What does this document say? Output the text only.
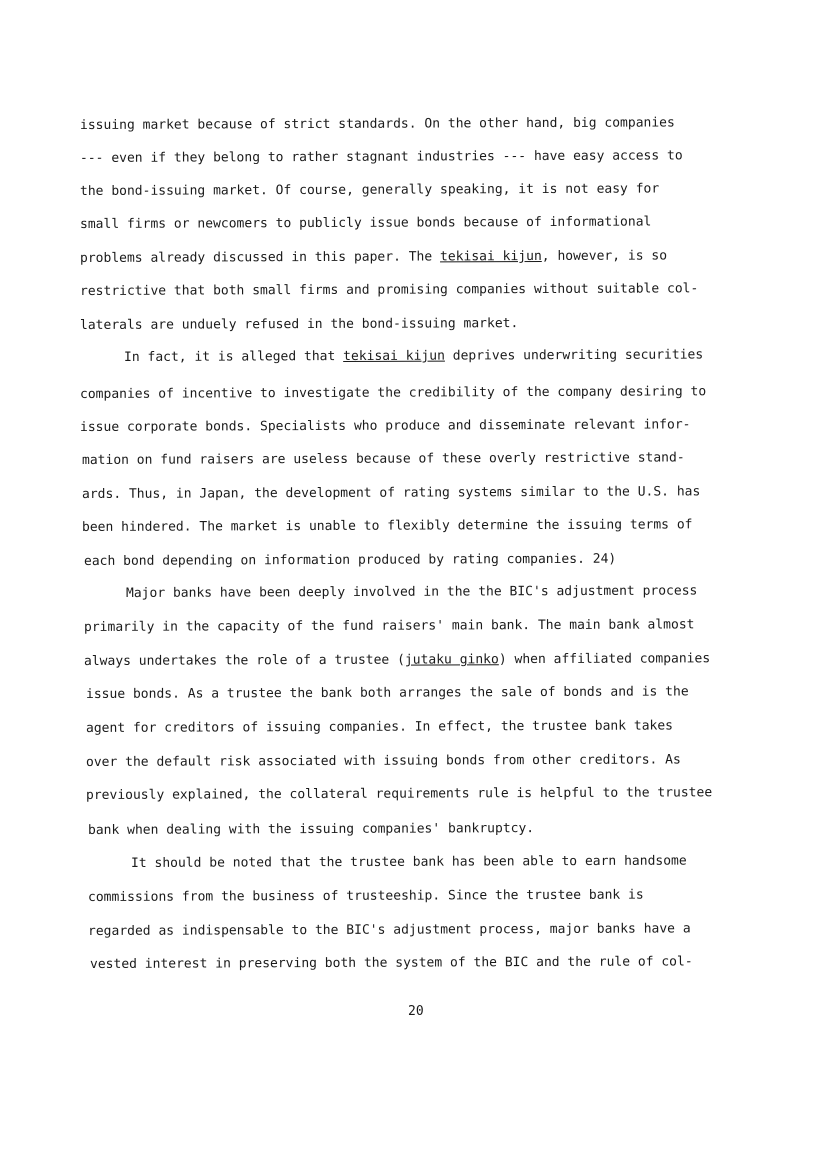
issuing market because of strict standards. On the other hand, big companies
--- even if they belong to rather stagnant industries --- have easy access to
the bond-issuing market. Of course, generally speaking, it is not easy for
small firms or newcomers to publicly issue bonds because of informational
problems already discussed in this paper. The tekisai kijun, however, is so
restrictive that both small firms and promising companies without suitable col-
laterals are unduely refused in the bond-issuing market.
In fact, it is alleged that tekisai kijun deprives underwriting securities
companies of incentive to investigate the credibility of the company desiring to
issue corporate bonds. Specialists who produce and disseminate relevant infor-
mation on fund raisers are useless because of these overly restrictive stand-
ards. Thus, in Japan, the development of rating systems similar to the U.S. has
been hindered. The market is unable to flexibly determine the issuing terms of
each bond depending on information produced by rating companies. 24)
Major banks have been deeply involved in the the BIC's adjustment process
primarily in the capacity of the fund raisers' main bank. The main bank almost
always undertakes the role of a trustee (jutaku ginko) when affiliated companies
issue bonds. As a trustee the bank both arranges the sale of bonds and is the
agent for creditors of issuing companies. In effect, the trustee bank takes
over the default risk associated with issuing bonds from other creditors. As
previously explained, the collateral requirements rule is helpful to the trustee
bank when dealing with the issuing companies' bankruptcy.
It should be noted that the trustee bank has been able to earn handsome
commissions from the business of trusteeship. Since the trustee bank is
regarded as indispensable to the BIC's adjustment process, major banks have a
vested interest in preserving both the system of the BIC and the rule of col-
20
